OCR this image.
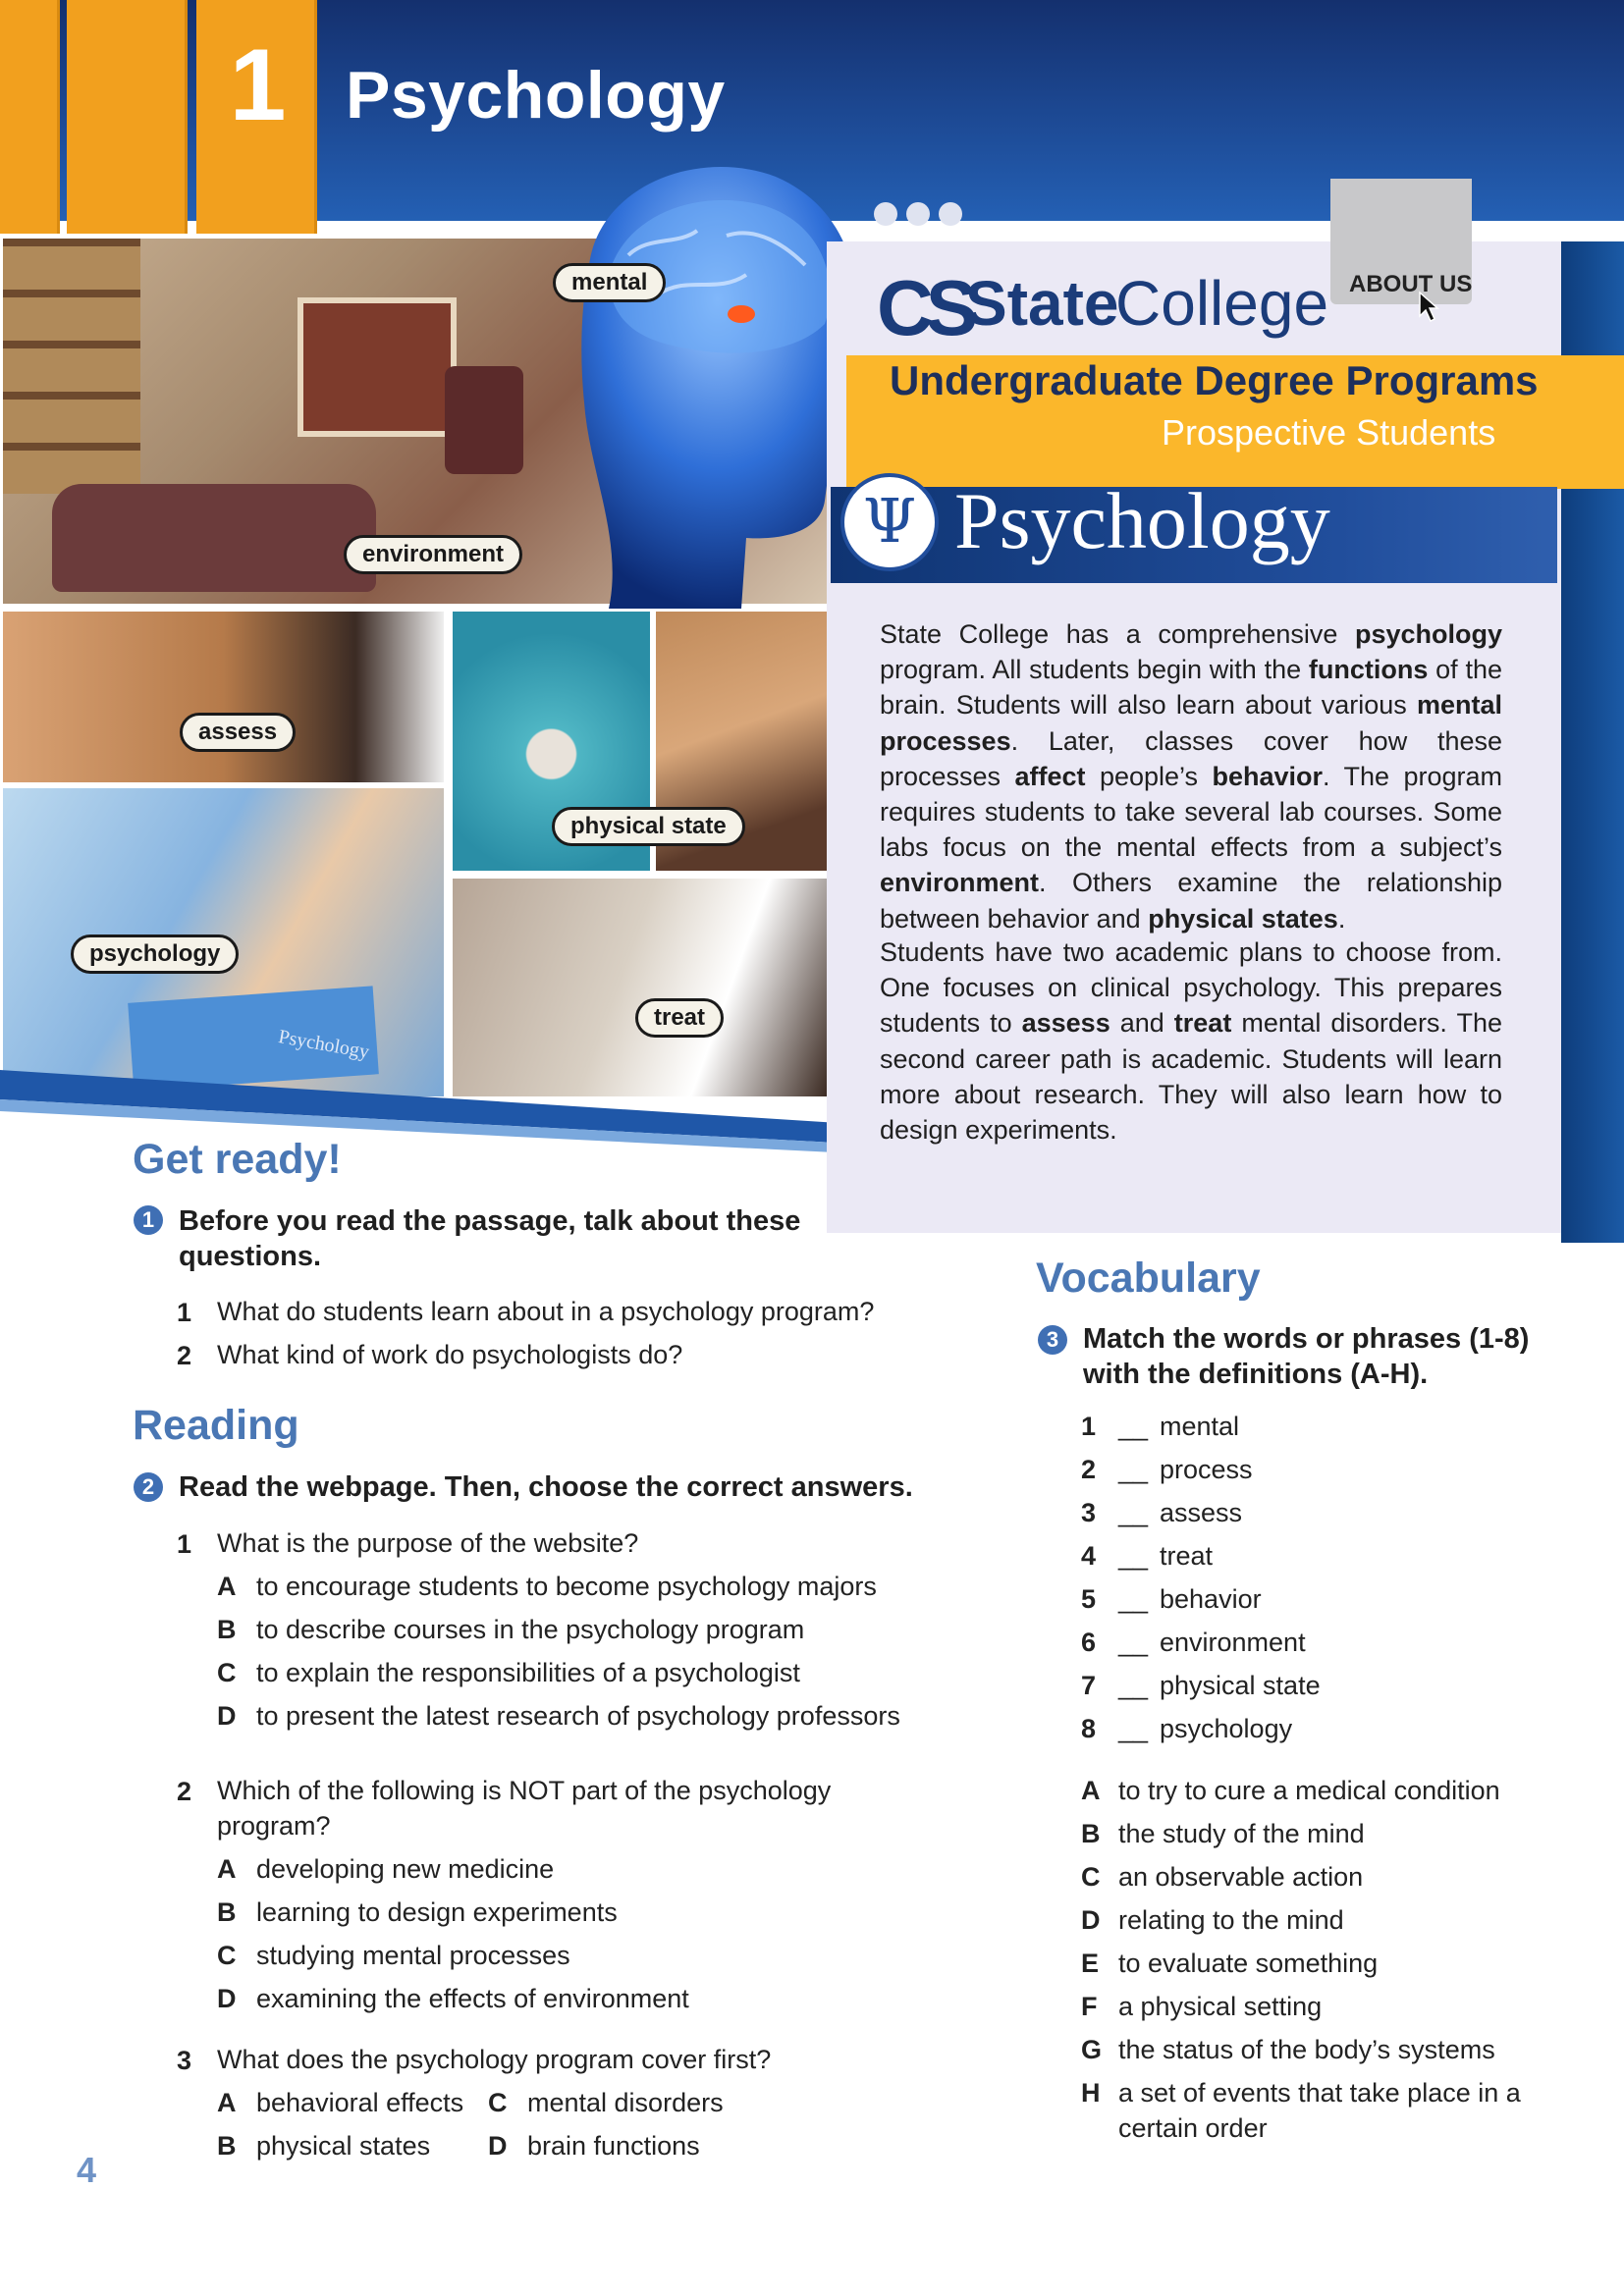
1 Psychology
Psychology
mental
environment
assess
physical state
psychology
treat
ABOUT US
CS
State
College
Undergraduate Degree Programs
Prospective Students
Ψ Psychology
State College has a comprehensive psychology program. All students begin with the functions of the brain. Students will also learn about various mental processes. Later, classes cover how these processes affect people’s behavior. The program requires students to take several lab courses. Some labs focus on the mental effects from a subject’s environment. Others examine the relationship between behavior and physical states.
Students have two academic plans to choose from. One focuses on clinical psychology. This prepares students to assess and treat mental disorders. The second career path is academic. Students will learn more about research. They will also learn how to design experiments.
Get ready!
1 Before you read the passage, talk about these questions.
1 What do students learn about in a psychology program?
2 What kind of work do psychologists do?
Reading
2 Read the webpage. Then, choose the correct answers.
1 What is the purpose of the website?
A to encourage students to become psychology majors
B to describe courses in the psychology program
C to explain the responsibilities of a psychologist
D to present the latest research of psychology professors
2 Which of the following is NOT part of the psychology program?
A developing new medicine
B learning to design experiments
C studying mental processes
D examining the effects of environment
3 What does the psychology program cover first?
A behavioral effects C mental disorders
B physical states D brain functions
Vocabulary
3 Match the words or phrases (1-8) with the definitions (A-H).
1 __ mental
2 __ process
3 __ assess
4 __ treat
5 __ behavior
6 __ environment
7 __ physical state
8 __ psychology
A to try to cure a medical condition
B the study of the mind
C an observable action
D relating to the mind
E to evaluate something
F a physical setting
G the status of the body’s systems
H a set of events that take place in a certain order
4
